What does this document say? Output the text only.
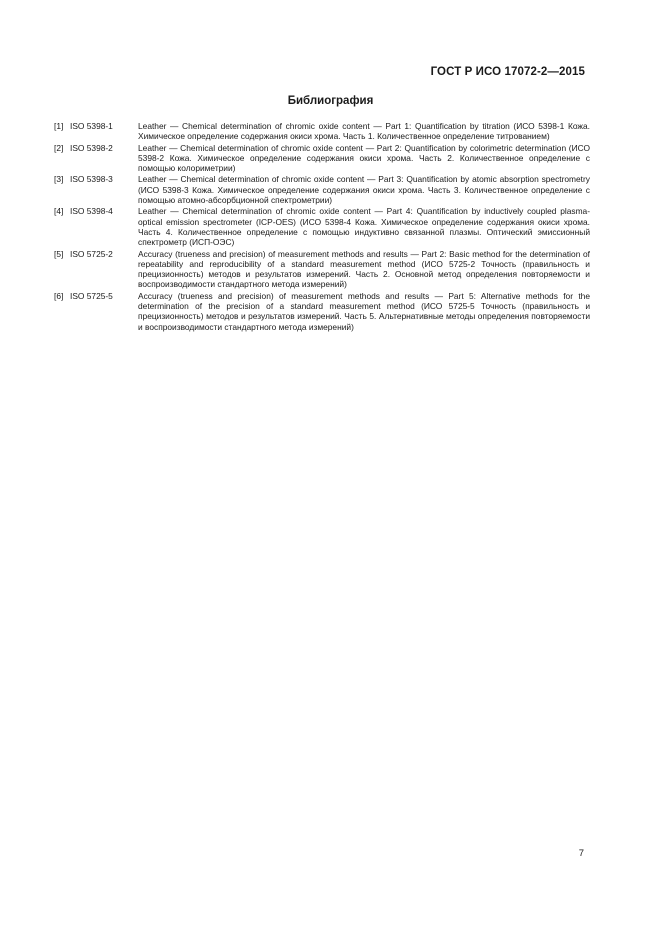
ГОСТ Р ИСО 17072-2—2015
Библиография
[1] ISO 5398-1	Leather — Chemical determination of chromic oxide content — Part 1: Quantification by titration (ИСО 5398-1 Кожа. Химическое определение содержания окиси хрома. Часть 1. Количественное определение титрованием)
[2] ISO 5398-2	Leather — Chemical determination of chromic oxide content — Part 2: Quantification by colorimetric determination (ИСО 5398-2 Кожа. Химическое определение содержания окиси хрома. Часть 2. Количественное определение с помощью колориметрии)
[3] ISO 5398-3	Leather — Chemical determination of chromic oxide content — Part 3: Quantification by atomic absorption spectrometry (ИСО 5398-3 Кожа. Химическое определение содержания окиси хрома. Часть 3. Количественное определение с помощью атомно-абсорбционной спектрометрии)
[4] ISO 5398-4	Leather — Chemical determination of chromic oxide content — Part 4: Quantification by inductively coupled plasma-optical emission spectrometer (ICP-OES) (ИСО 5398-4 Кожа. Химическое определение содержания окиси хрома. Часть 4. Количественное определение с помощью индуктивно связанной плазмы. Оптический эмиссионный спектрометр (ИСП-ОЭС)
[5] ISO 5725-2	Accuracy (trueness and precision) of measurement methods and results — Part 2: Basic method for the determination of repeatability and reproducibility of a standard measurement method (ИСО 5725-2 Точность (правильность и прецизионность) методов и результатов измерений. Часть 2. Основной метод определения повторяемости и воспроизводимости стандартного метода измерений)
[6] ISO 5725-5	Accuracy (trueness and precision) of measurement methods and results — Part 5: Alternative methods for the determination of the precision of a standard measurement method (ИСО 5725-5 Точность (правильность и прецизионность) методов и результатов измерений. Часть 5. Альтернативные методы определения повторяемости и воспроизводимости стандартного метода измерений)
7
